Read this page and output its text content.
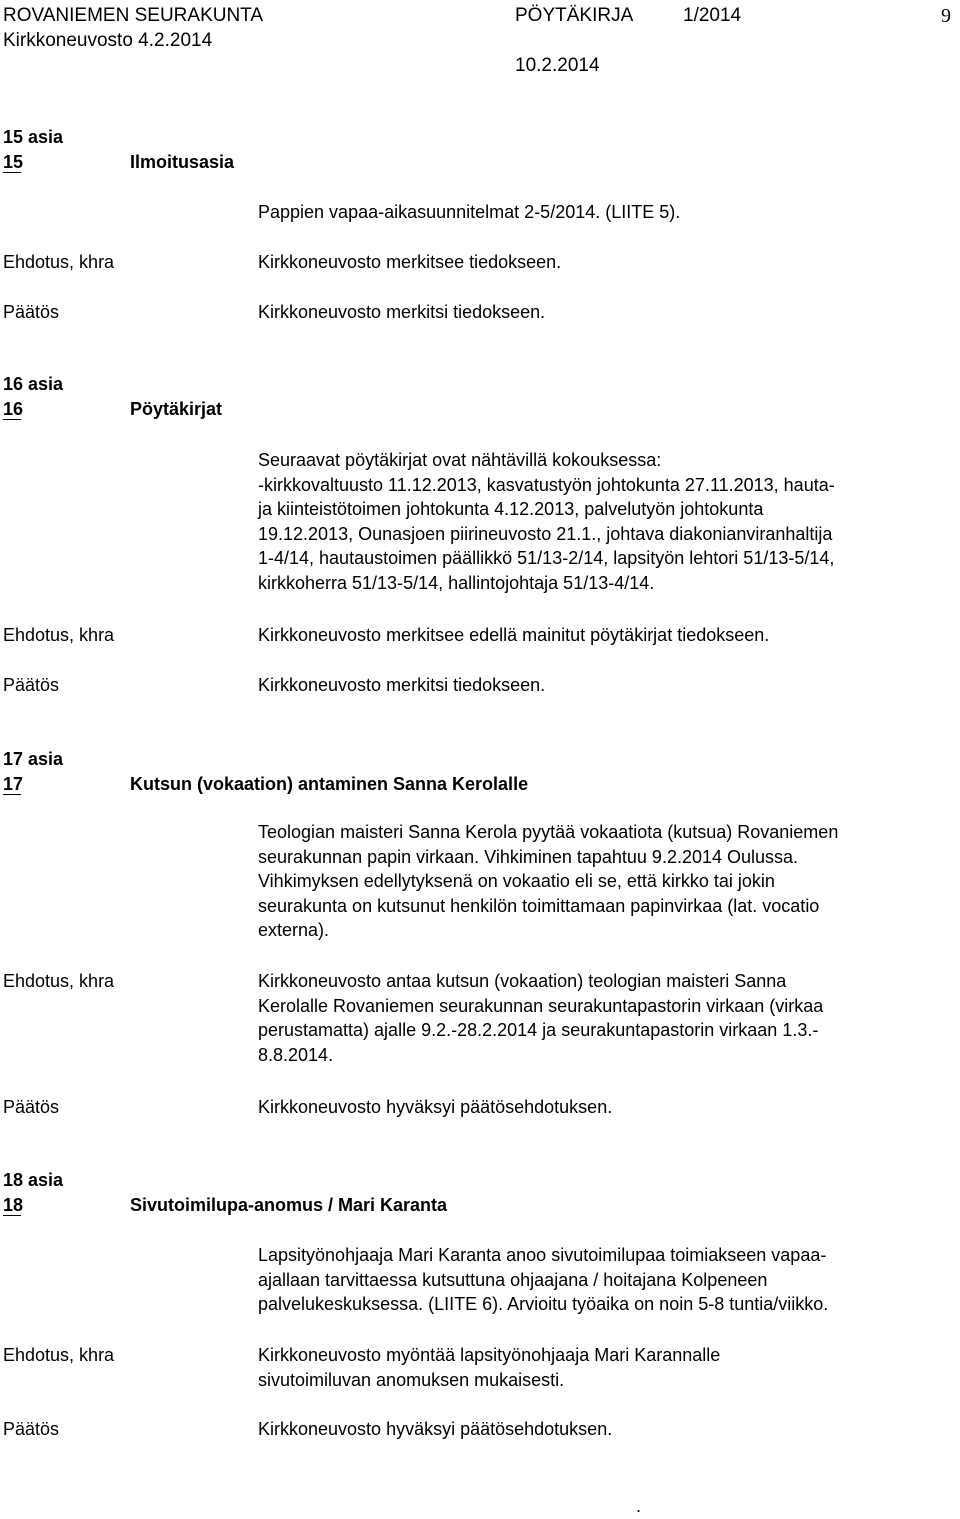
ROVANIEMEN SEURAKUNTA	PÖYTÄKIRJA	1/2014	9
Kirkkoneuvosto 4.2.2014
10.2.2014
15 asia
15	Ilmoitusasia
Pappien vapaa-aikasuunnitelmat 2-5/2014. (LIITE 5).
Ehdotus, khra	Kirkkoneuvosto merkitsee tiedokseen.
Päätös	Kirkkoneuvosto merkitsi tiedokseen.
16 asia
16	Pöytäkirjat
Seuraavat pöytäkirjat ovat nähtävillä kokouksessa:
-kirkkovaltuusto 11.12.2013, kasvatustyön johtokunta 27.11.2013, hauta-
ja kiinteistötoimen johtokunta 4.12.2013, palvelutyön johtokunta
19.12.2013, Ounasjoen piirineuvosto 21.1., johtava diakonianviranhaltija
1-4/14, hautaustoimen päällikkö 51/13-2/14, lapsityön lehtori 51/13-5/14,
kirkkoherra 51/13-5/14, hallintojohtaja 51/13-4/14.
Ehdotus, khra	Kirkkoneuvosto merkitsee edellä mainitut pöytäkirjat tiedokseen.
Päätös	Kirkkoneuvosto merkitsi tiedokseen.
17 asia
17	Kutsun (vokaation) antaminen Sanna Kerolalle
Teologian maisteri Sanna Kerola pyytää vokaatiota (kutsua) Rovaniemen
seurakunnan papin virkaan. Vihkiminen tapahtuu 9.2.2014 Oulussa.
Vihkimyksen edellytyksenä on vokaatio eli se, että kirkko tai jokin
seurakunta on kutsunut henkilön toimittamaan papinvirkaa (lat. vocatio
externa).
Ehdotus, khra	Kirkkoneuvosto antaa kutsun (vokaation) teologian maisteri Sanna
Kerolalle Rovaniemen seurakunnan seurakuntapastorin virkaan (virkaa
perustamatta) ajalle 9.2.-28.2.2014 ja seurakuntapastorin virkaan 1.3.-
8.8.2014.
Päätös	Kirkkoneuvosto hyväksyi päätösehdotuksen.
18 asia
18	Sivutoimilupa-anomus / Mari Karanta
Lapsityönohjaaja Mari Karanta anoo sivutoimilupaa toimiakseen vapaa-
ajallaan tarvittaessa kutsuttuna ohjaajana / hoitajana Kolpeneen
palvelukeskuksessa. (LIITE 6). Arvioitu työaika on noin 5-8 tuntia/viikko.
Ehdotus, khra	Kirkkoneuvosto myöntää lapsityönohjaaja Mari Karannalle
sivutoimiluvan anomuksen mukaisesti.
Päätös	Kirkkoneuvosto hyväksyi päätösehdotuksen.
.
